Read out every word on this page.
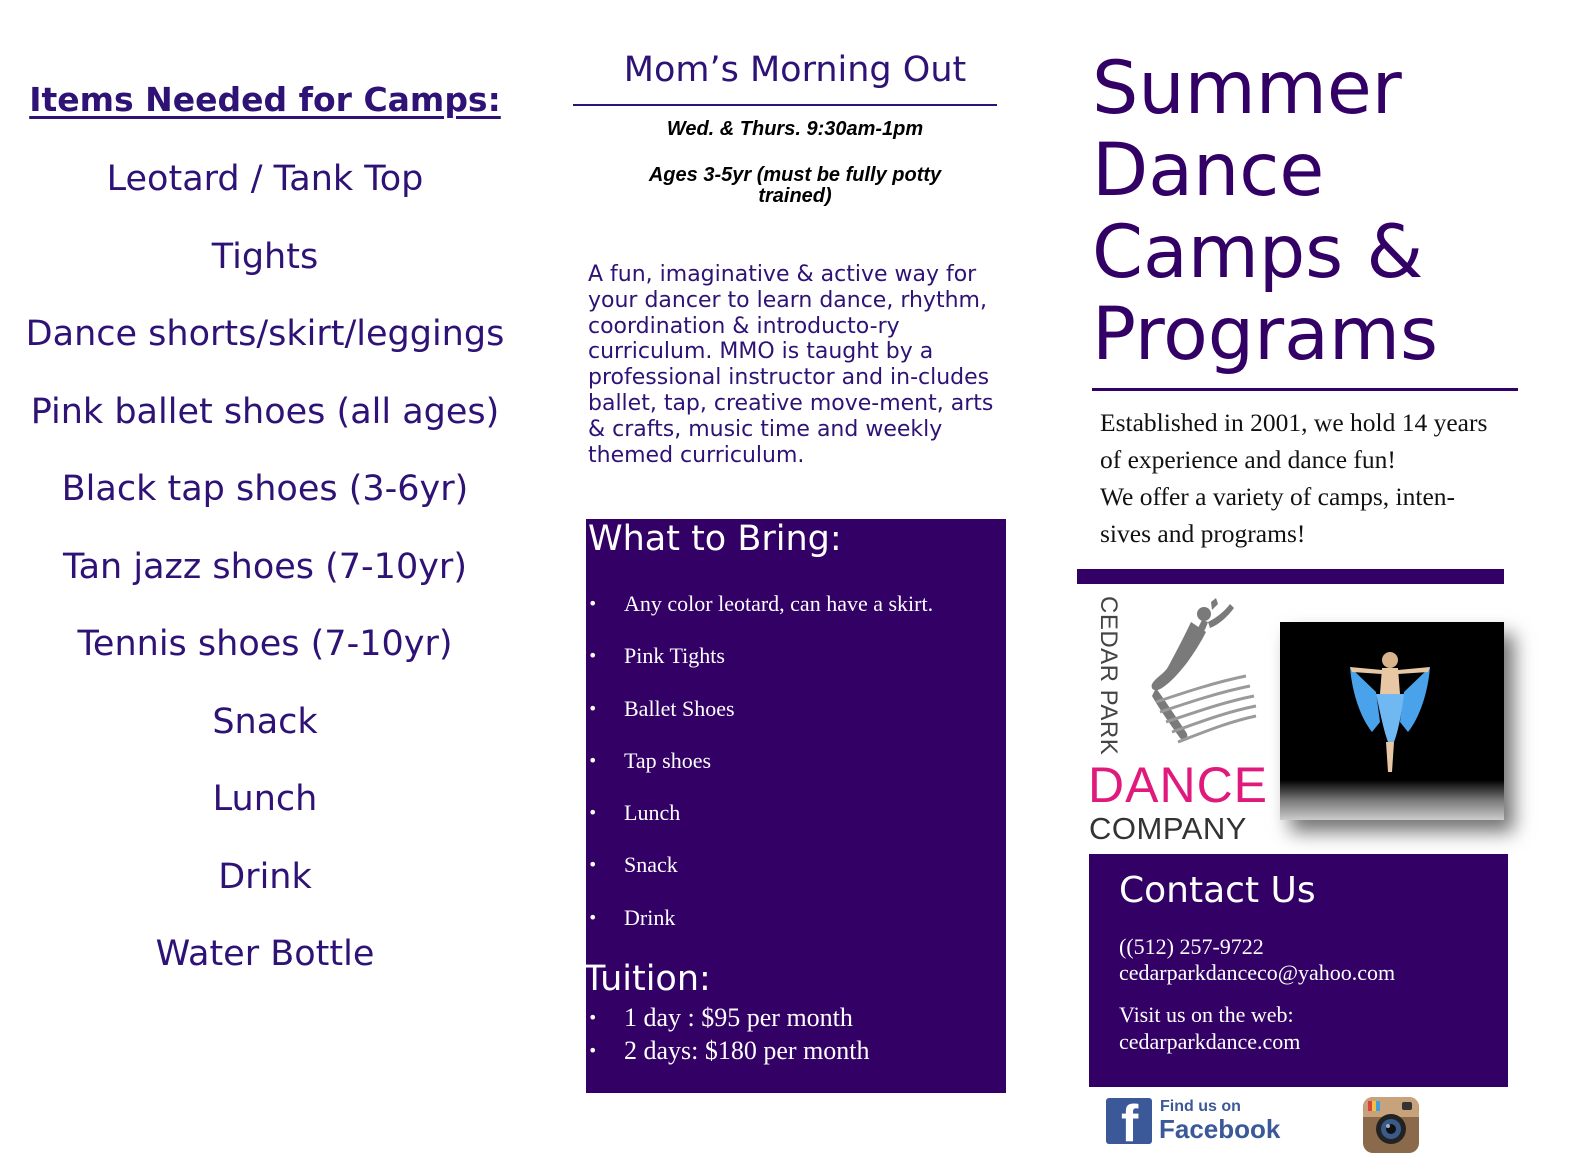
Items Needed for Camps:
Leotard / Tank Top
Tights
Dance shorts/skirt/leggings
Pink ballet shoes (all ages)
Black tap shoes (3-6yr)
Tan jazz shoes (7-10yr)
Tennis shoes (7-10yr)
Snack
Lunch
Drink
Water Bottle
Mom’s Morning Out
Wed. & Thurs. 9:30am-1pm
Ages 3-5yr (must be fully potty trained)
A fun, imaginative & active way for your dancer to learn dance, rhythm, coordination & introducto-ry curriculum. MMO is taught by a professional instructor and in-cludes ballet, tap, creative move-ment, arts & crafts, music time and weekly themed curriculum.
What to Bring:
• Any color leotard, can have a skirt.
• Pink Tights
• Ballet Shoes
• Tap shoes
• Lunch
• Snack
• Drink
Tuition:
• 1 day : $95 per month
• 2 days: $180 per month
Summer
Dance
Camps &
Programs
Established in 2001, we hold 14 years
of experience and dance fun!
We offer a variety of camps, inten-
sives and programs!
CEDAR PARK
DANCE
COMPANY
Contact Us
((512) 257-9722
cedarparkdanceco@yahoo.com
Visit us on the web:
cedarparkdance.com
f Find us on
Facebook
